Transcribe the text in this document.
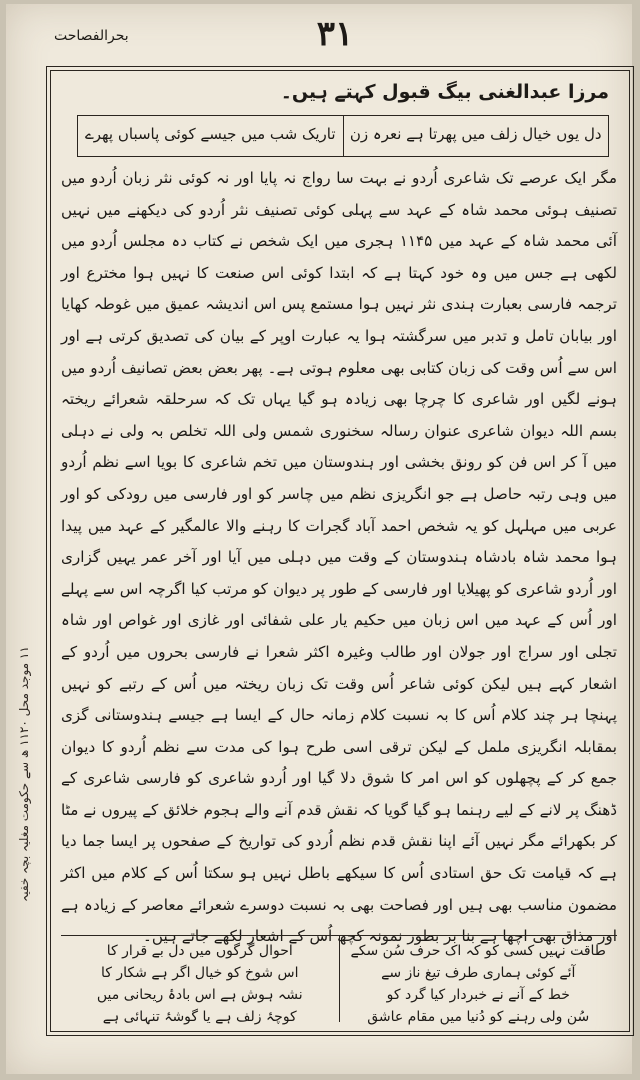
۳۱
بحرالفصاحت
۱۱ موجد محل ۱۱۲۰ ھ سے حکومت مغلیہ بچہ خفیہ
مرزا عبدالغنی بیگ قبول کہتے ہیں۔
دل یوں خیال زلف میں پھرتا ہے نعرہ زن
تاریک شب میں جیسے کوئی پاسباں پھرے
مگر ایک عرصے تک شاعری اُردو نے بہت سا رواج نہ پایا اور نہ کوئی نثر زبان اُردو میں تصنیف ہوئی محمد شاہ کے عہد سے پہلی کوئی تصنیف نثر اُردو کی دیکھنے میں نہیں آئی محمد شاہ کے عہد میں ۱۱۴۵ ہجری میں ایک شخص نے کتاب دہ مجلس اُردو میں لکھی ہے جس میں وہ خود کہتا ہے کہ ابتدا کوئی اس صنعت کا نہیں ہوا مخترع اور ترجمہ فارسی بعبارت ہندی نثر نہیں ہوا مستمع پس اس اندیشہ عمیق میں غوطہ کھایا اور بیابان تامل و تدبر میں سرگشتہ ہوا یہ عبارت اوپر کے بیان کی تصدیق کرتی ہے اور اس سے اُس وقت کی زبان کتابی بھی معلوم ہوتی ہے۔ پھر بعض بعض تصانیف اُردو میں ہونے لگیں اور شاعری کا چرچا بھی زیادہ ہو گیا یہاں تک کہ سرحلقہ شعرائے ریختہ بسم اللہ دیوان شاعری عنوان رسالہ سخنوری شمس ولی اللہ تخلص بہ ولی نے دہلی میں آ کر اس فن کو رونق بخشی اور ہندوستان میں تخم شاعری کا بویا اسے نظم اُردو میں وہی رتبہ حاصل ہے جو انگریزی نظم میں چاسر کو اور فارسی میں رودکی کو اور عربی میں مہلہل کو یہ شخص احمد آباد گجرات کا رہنے والا عالمگیر کے عہد میں پیدا ہوا محمد شاہ بادشاہ ہندوستان کے وقت میں دہلی میں آیا اور آخر عمر یہیں گزاری اور اُردو شاعری کو پھیلایا اور فارسی کے طور پر دیوان کو مرتب کیا اگرچہ اس سے پہلے اور اُس کے عہد میں اس زبان میں حکیم یار علی شفائی اور غازی اور غواص اور شاہ تجلی اور سراج اور جولان اور طالب وغیرہ اکثر شعرا نے فارسی بحروں میں اُردو کے اشعار کہے ہیں لیکن کوئی شاعر اُس وقت تک زبان ریختہ میں اُس کے رتبے کو نہیں پہنچا ہر چند کلام اُس کا بہ نسبت کلام زمانہ حال کے ایسا ہے جیسے ہندوستانی گزی بمقابلہ انگریزی ململ کے لیکن ترقی اسی طرح ہوا کی مدت سے نظم اُردو کا دیوان جمع کر کے پچھلوں کو اس امر کا شوق دلا گیا اور اُردو شاعری کو فارسی شاعری کے ڈھنگ پر لانے کے لیے رہنما ہو گیا گویا کہ نقش قدم آنے والے ہجوم خلائق کے پیروں نے مٹا کر بکھرائے مگر نہیں آئے اپنا نقش قدم نظم اُردو کی تواریخ کے صفحوں پر ایسا جما دیا ہے کہ قیامت تک حق استادی اُس کا سیکھے باطل نہیں ہو سکتا اُس کے کلام میں اکثر مضمون مناسب بھی ہیں اور فصاحت بھی بہ نسبت دوسرے شعرائے معاصر کے زیادہ ہے اور مذاق بھی اچھا ہے بنا بر بطور نمونہ کچھ اُس کے اشعار لکھے جاتے ہیں۔
طاقت نہیں کسی کو کہ اک حرف سُن سکے
آئے کوئی ہماری طرف تیغ ناز سے
خط کے آنے نے خبردار کیا گرد کو
سُن ولی رہنے کو دُنیا میں مقام عاشق
احوال گرگوں میں دل بے قرار کا
اس شوخ کو خیال اگر ہے شکار کا
نشہ ہوش ہے اس بادۂ ریحانی میں
کوچۂ زلف ہے یا گوشۂ تنہائی ہے
